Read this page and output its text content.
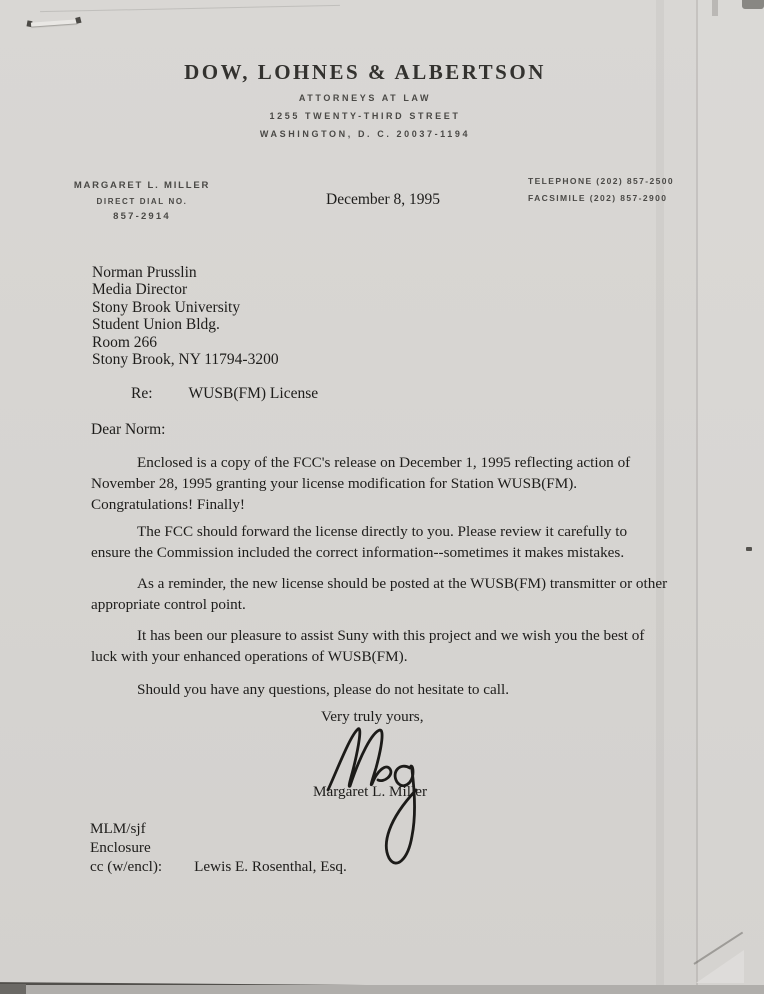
DOW, LOHNES & ALBERTSON
ATTORNEYS AT LAW
1255 TWENTY-THIRD STREET
WASHINGTON, D. C. 20037-1194
MARGARET L. MILLER
DIRECT DIAL NO.
857-2914
TELEPHONE (202) 857-2500
FACSIMILE (202) 857-2900
December 8, 1995
Norman Prusslin
Media Director
Stony Brook University
Student Union Bldg.
Room 266
Stony Brook, NY 11794-3200
Re: WUSB(FM) License
Dear Norm:

Enclosed is a copy of the FCC's release on December 1, 1995 reflecting action of November 28, 1995 granting your license modification for Station WUSB(FM). Congratulations! Finally!

The FCC should forward the license directly to you. Please review it carefully to ensure the Commission included the correct information--sometimes it makes mistakes.

As a reminder, the new license should be posted at the WUSB(FM) transmitter or other appropriate control point.

It has been our pleasure to assist Suny with this project and we wish you the best of luck with your enhanced operations of WUSB(FM).

Should you have any questions, please do not hesitate to call.

Very truly yours,
Margaret L. Miller
MLM/sjf
Enclosure
cc (w/encl): Lewis E. Rosenthal, Esq.
